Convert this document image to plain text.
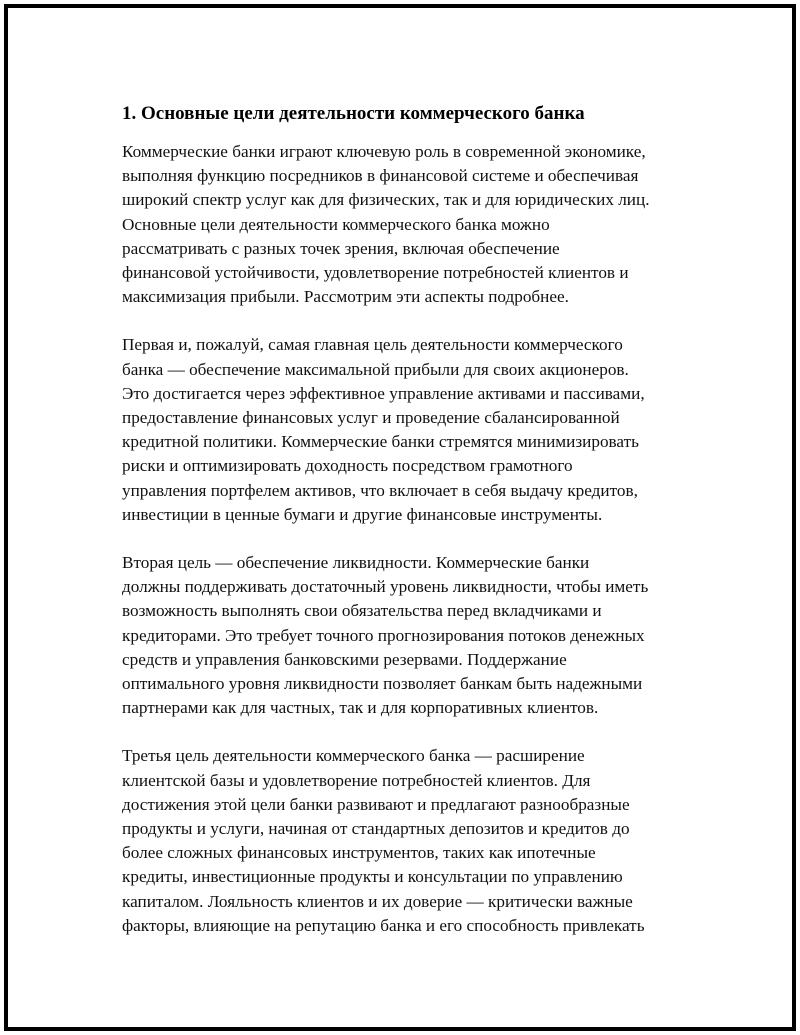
1. Основные цели деятельности коммерческого банка

Коммерческие банки играют ключевую роль в современной экономике,
выполняя функцию посредников в финансовой системе и обеспечивая
широкий спектр услуг как для физических, так и для юридических лиц.
Основные цели деятельности коммерческого банка можно
рассматривать с разных точек зрения, включая обеспечение
финансовой устойчивости, удовлетворение потребностей клиентов и
максимизация прибыли. Рассмотрим эти аспекты подробнее.

Первая и, пожалуй, самая главная цель деятельности коммерческого
банка — обеспечение максимальной прибыли для своих акционеров.
Это достигается через эффективное управление активами и пассивами,
предоставление финансовых услуг и проведение сбалансированной
кредитной политики. Коммерческие банки стремятся минимизировать
риски и оптимизировать доходность посредством грамотного
управления портфелем активов, что включает в себя выдачу кредитов,
инвестиции в ценные бумаги и другие финансовые инструменты.

Вторая цель — обеспечение ликвидности. Коммерческие банки
должны поддерживать достаточный уровень ликвидности, чтобы иметь
возможность выполнять свои обязательства перед вкладчиками и
кредиторами. Это требует точного прогнозирования потоков денежных
средств и управления банковскими резервами. Поддержание
оптимального уровня ликвидности позволяет банкам быть надежными
партнерами как для частных, так и для корпоративных клиентов.

Третья цель деятельности коммерческого банка — расширение
клиентской базы и удовлетворение потребностей клиентов. Для
достижения этой цели банки развивают и предлагают разнообразные
продукты и услуги, начиная от стандартных депозитов и кредитов до
более сложных финансовых инструментов, таких как ипотечные
кредиты, инвестиционные продукты и консультации по управлению
капиталом. Лояльность клиентов и их доверие — критически важные
факторы, влияющие на репутацию банка и его способность привлекать
